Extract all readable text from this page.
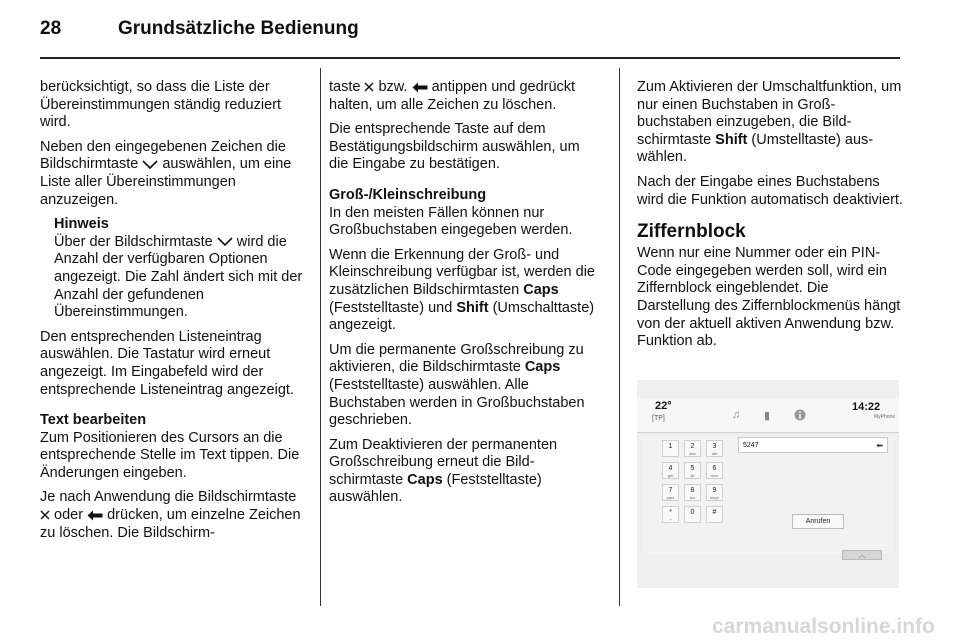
28	Grundsätzliche Bedienung

berücksichtigt, so dass die Liste der Übereinstimmungen ständig reduziert wird.

Neben den eingegebenen Zeichen die Bildschirmtaste  auswählen, um eine Liste aller Übereinstimmungen anzuzeigen.

Hinweis

Über der Bildschirmtaste  wird die Anzahl der verfügbaren Optionen angezeigt. Die Zahl ändert sich mit der Anzahl der gefundenen Übereinstimmungen.

Den entsprechenden Listeneintrag auswählen. Die Tastatur wird erneut angezeigt. Im Eingabefeld wird der entsprechende Listeneintrag angezeigt.

Text bearbeiten

Zum Positionieren des Cursors an die entsprechende Stelle im Text tippen. Die Änderungen eingeben.

Je nach Anwendung die Bildschirmtaste  oder  drücken, um einzelne Zeichen zu löschen. Die Bildschirm-

taste  bzw.  antippen und gedrückt halten, um alle Zeichen zu löschen.

Die entsprechende Taste auf dem Bestätigungsbildschirm auswählen, um die Eingabe zu bestätigen.

Groß-/Kleinschreibung

In den meisten Fällen können nur Großbuchstaben eingegeben werden.

Wenn die Erkennung der Groß- und Kleinschreibung verfügbar ist, werden die zusätzlichen Bildschirmtasten Caps (Feststelltaste) und Shift (Umschalttaste) angezeigt.

Um die permanente Großschreibung zu aktivieren, die Bildschirmtaste Caps (Feststelltaste) auswählen. Alle Buchstaben werden in Großbuchstaben geschrieben.

Zum Deaktivieren der permanenten Großschreibung erneut die Bildschirmtaste Caps (Feststelltaste) auswählen.

Zum Aktivieren der Umschaltfunktion, um nur einen Buchstaben in Großbuchstaben einzugeben, die Bildschirmtaste Shift (Umstelltaste) auswählen.

Nach der Eingabe eines Buchstabens wird die Funktion automatisch deaktiviert.

Ziffernblock

Wenn nur eine Nummer oder ein PIN-Code eingegeben werden soll, wird ein Ziffernblock eingeblendet. Die Darstellung des Ziffernblockmenüs hängt von der aktuell aktiven Anwendung bzw. Funktion ab.

22°
[TP]	♫	▮
14:22
MyPhone
5247	⬅
1	2
abc
3
def
4
ghi
5
jkl
6
mno
7
pqrs
8
tuv
9
wxyz
*
+
0	#
Anrufen
︿
carmanualsonline.info
